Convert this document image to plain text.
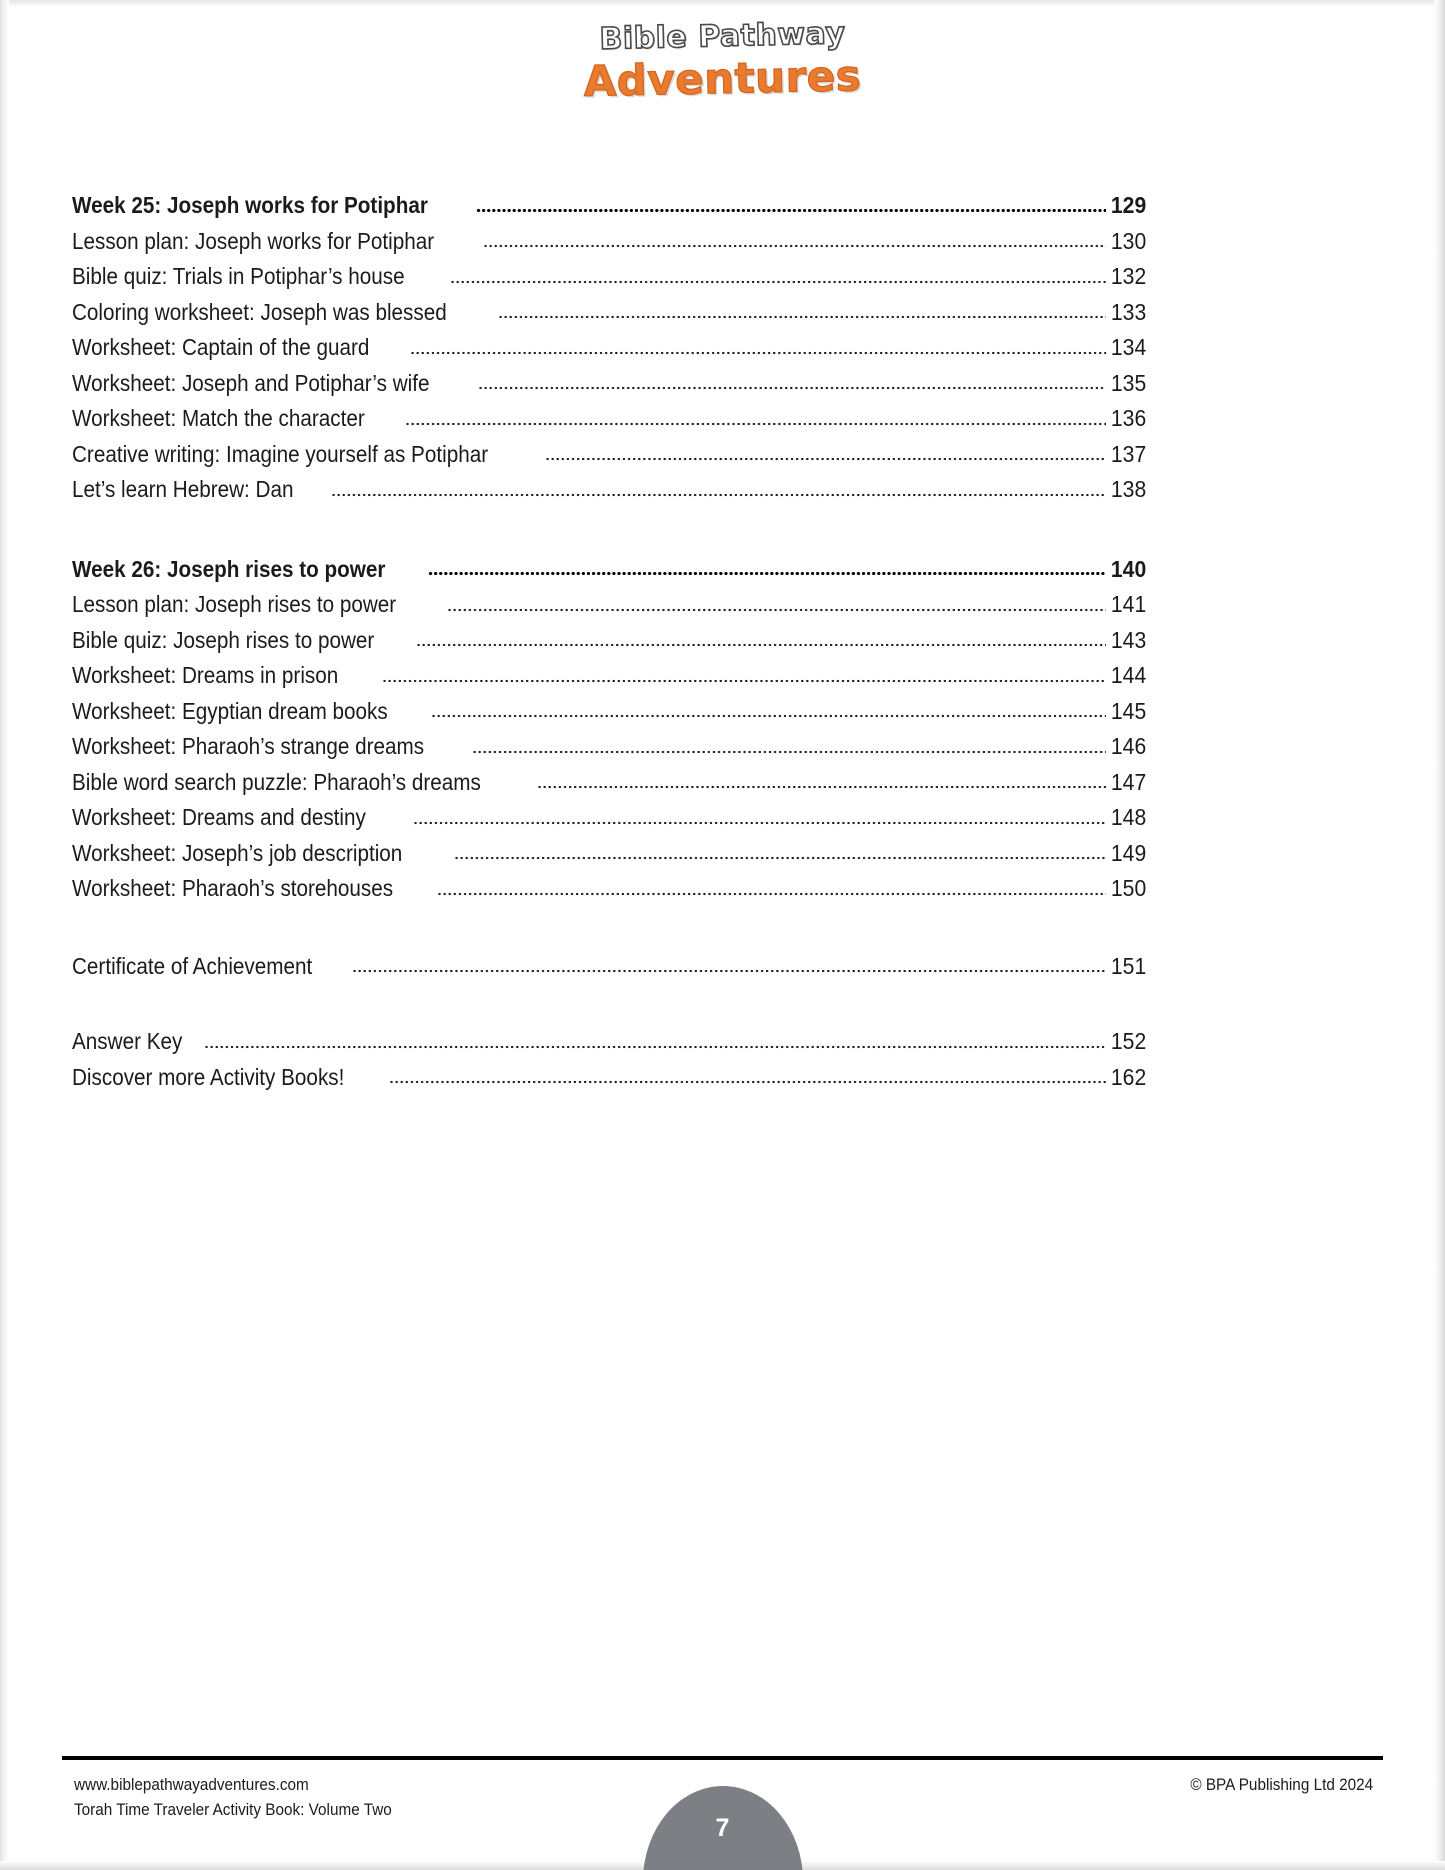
Bible Pathway
Adventures
Week 25: Joseph works for Potiphar	129
Lesson plan: Joseph works for Potiphar	130
Bible quiz: Trials in Potiphar’s house	132
Coloring worksheet: Joseph was blessed	133
Worksheet: Captain of the guard	134
Worksheet: Joseph and Potiphar’s wife	135
Worksheet: Match the character	136
Creative writing: Imagine yourself as Potiphar	137
Let’s learn Hebrew: Dan	138
Week 26: Joseph rises to power	140
Lesson plan: Joseph rises to power	141
Bible quiz: Joseph rises to power	143
Worksheet: Dreams in prison	144
Worksheet: Egyptian dream books	145
Worksheet: Pharaoh’s strange dreams	146
Bible word search puzzle: Pharaoh’s dreams	147
Worksheet: Dreams and destiny	148
Worksheet: Joseph’s job description	149
Worksheet: Pharaoh’s storehouses	150
Certificate of Achievement	151
Answer Key	152
Discover more Activity Books!	162
www.biblepathwayadventures.com
Torah Time Traveler Activity Book: Volume Two
© BPA Publishing Ltd 2024
7
